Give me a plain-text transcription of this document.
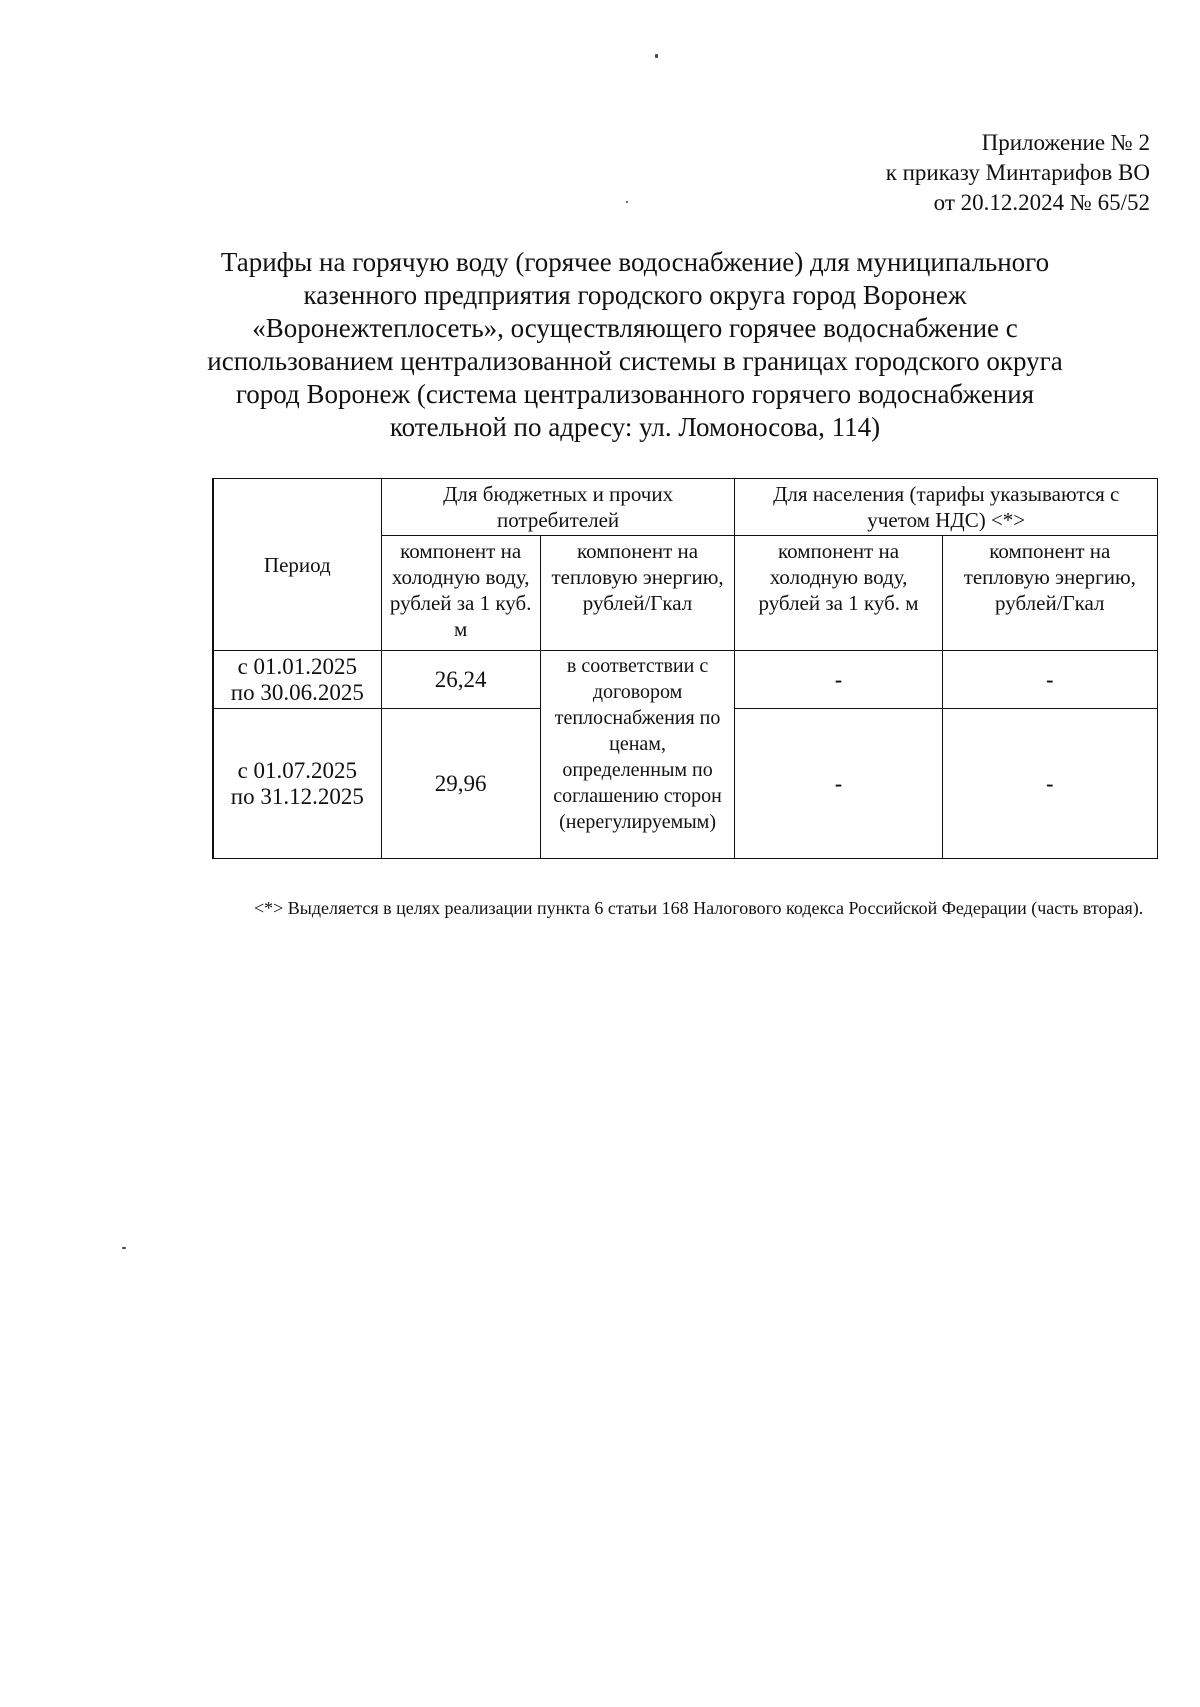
Приложение № 2
к приказу Минтарифов ВО
от 20.12.2024 № 65/52
Тарифы на горячую воду (горячее водоснабжение) для муниципального
казенного предприятия городского округа город Воронеж
«Воронежтеплосеть», осуществляющего горячее водоснабжение с
использованием централизованной системы в границах городского округа
город Воронеж (система централизованного горячего водоснабжения
котельной по адресу: ул. Ломоносова, 114)
Период	Для бюджетных и прочих потребителей		Для населения (тарифы указываются с учетом НДС) <*>	
	компонент на холодную воду, рублей за 1 куб. м	компонент на тепловую энергию, рублей/Гкал	компонент на холодную воду, рублей за 1 куб. м	компонент на тепловую энергию, рублей/Гкал

с 01.01.2025
по 30.06.2025	26,24	в соответствии с договором теплоснабжения по ценам, определенным по соглашению сторон (нерегулируемым)	-	-

с 01.07.2025
по 31.12.2025	29,96		-	-
<*> Выделяется в целях реализации пункта 6 статьи 168 Налогового кодекса Российской Федерации (часть вторая).
